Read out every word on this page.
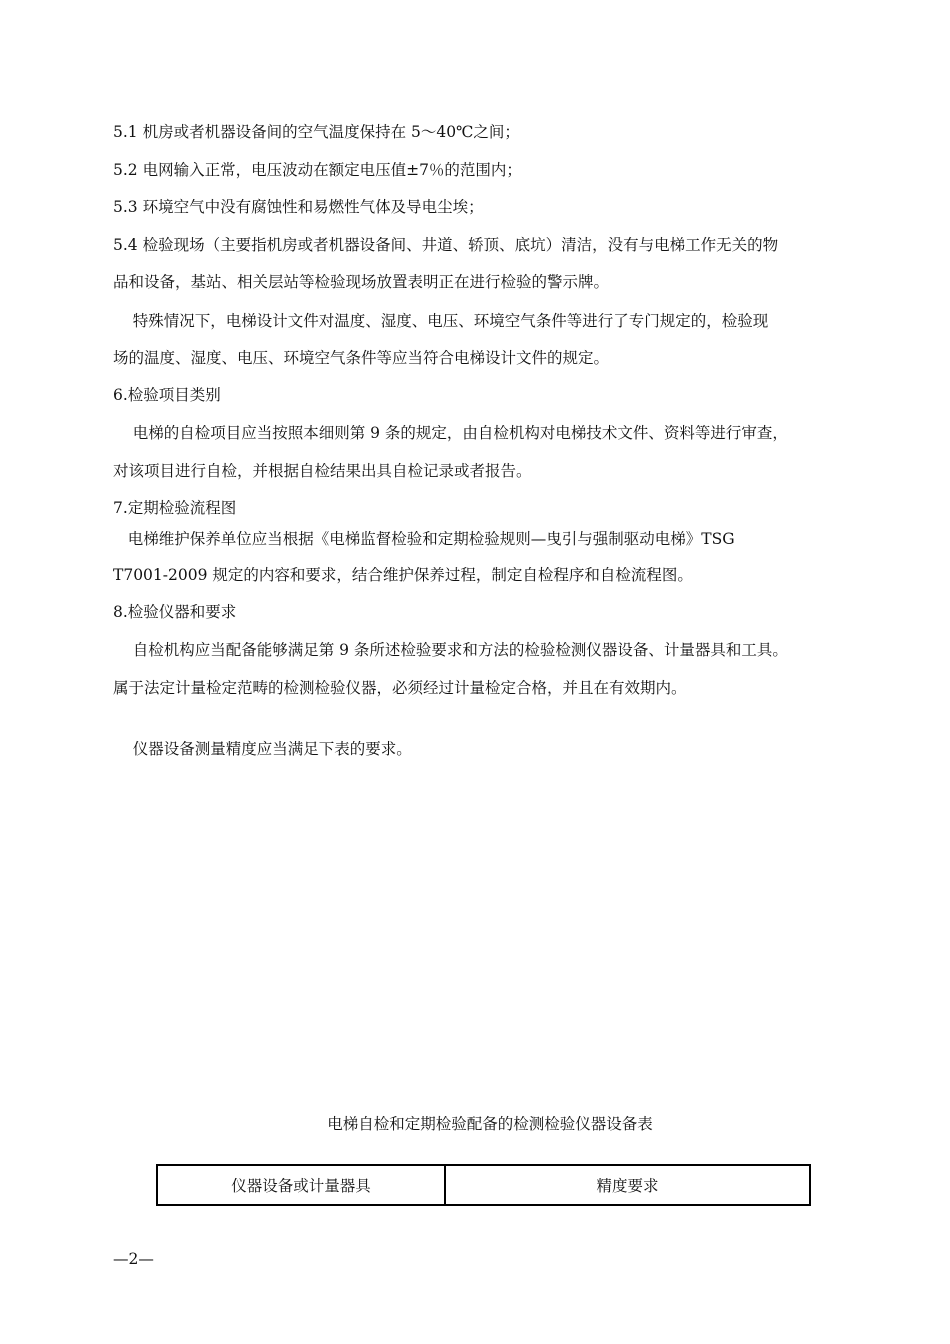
5.1 机房或者机器设备间的空气温度保持在 5～40℃之间；
5.2 电网输入正常，电压波动在额定电压值±7％的范围内；
5.3 环境空气中没有腐蚀性和易燃性气体及导电尘埃；
5.4 检验现场（主要指机房或者机器设备间、井道、轿顶、底坑）清洁，没有与电梯工作无关的物
品和设备，基站、相关层站等检验现场放置表明正在进行检验的警示牌。
特殊情况下，电梯设计文件对温度、湿度、电压、环境空气条件等进行了专门规定的，检验现
场的温度、湿度、电压、环境空气条件等应当符合电梯设计文件的规定。
6.检验项目类别
电梯的自检项目应当按照本细则第 9 条的规定，由自检机构对电梯技术文件、资料等进行审查，
对该项目进行自检，并根据自检结果出具自检记录或者报告。
7.定期检验流程图
电梯维护保养单位应当根据《电梯监督检验和定期检验规则—曳引与强制驱动电梯》TSG
T7001-2009 规定的内容和要求，结合维护保养过程，制定自检程序和自检流程图。
8.检验仪器和要求
自检机构应当配备能够满足第 9 条所述检验要求和方法的检验检测仪器设备、计量器具和工具。
属于法定计量检定范畴的检测检验仪器，必须经过计量检定合格，并且在有效期内。
仪器设备测量精度应当满足下表的要求。
电梯自检和定期检验配备的检测检验仪器设备表
仪器设备或计量器具	精度要求
—2—
